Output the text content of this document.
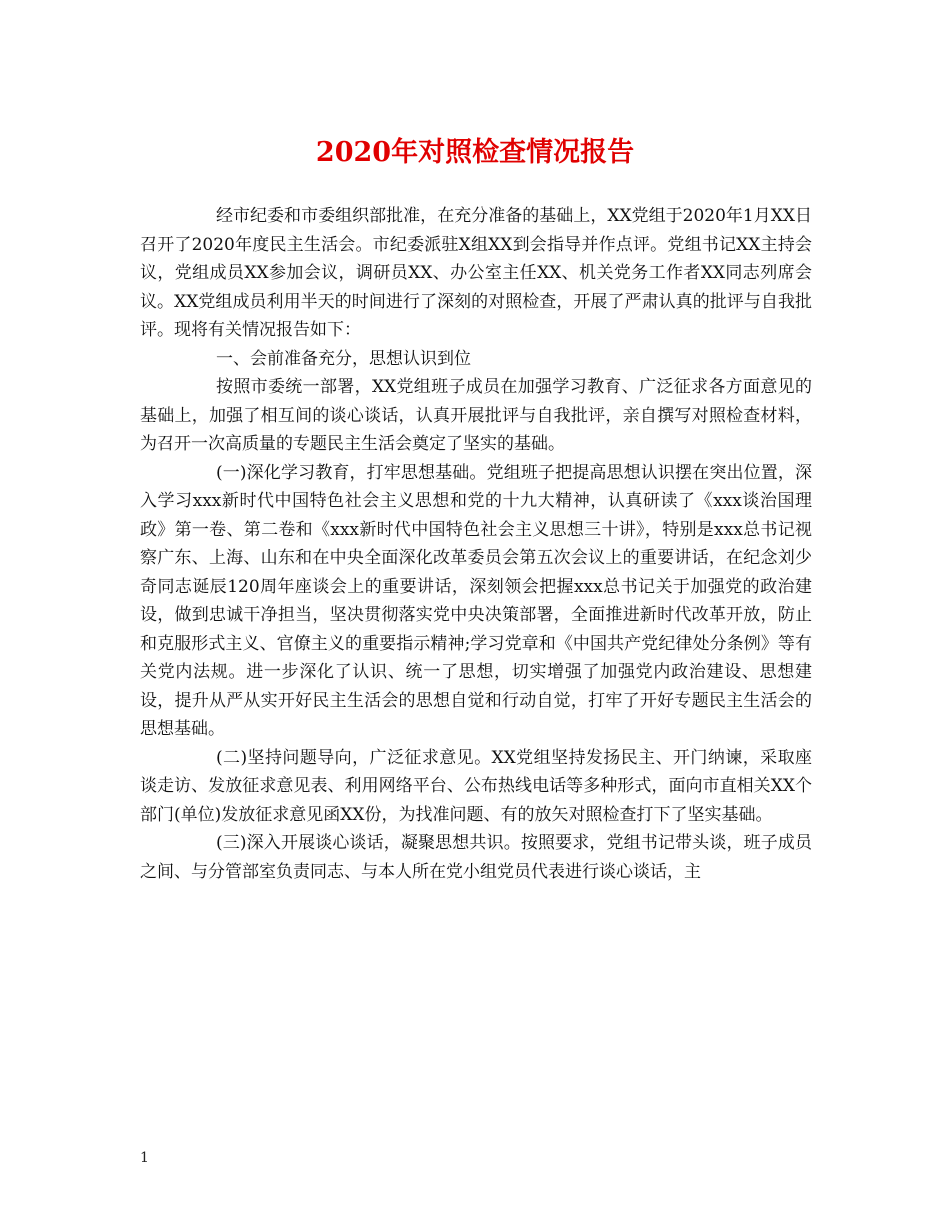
2020年对照检查情况报告

经市纪委和市委组织部批准，在充分准备的基础上，XX党组于2020年1月XX日召开了2020年度民主生活会。市纪委派驻X组XX到会指导并作点评。党组书记XX主持会议，党组成员XX参加会议，调研员XX、办公室主任XX、机关党务工作者XX同志列席会议。XX党组成员利用半天的时间进行了深刻的对照检查，开展了严肃认真的批评与自我批评。现将有关情况报告如下：

一、会前准备充分，思想认识到位

按照市委统一部署，XX党组班子成员在加强学习教育、广泛征求各方面意见的基础上，加强了相互间的谈心谈话，认真开展批评与自我批评，亲自撰写对照检查材料，为召开一次高质量的专题民主生活会奠定了坚实的基础。

(一)深化学习教育，打牢思想基础。党组班子把提高思想认识摆在突出位置，深入学习xxx新时代中国特色社会主义思想和党的十九大精神，认真研读了《xxx谈治国理政》第一卷、第二卷和《xxx新时代中国特色社会主义思想三十讲》，特别是xxx总书记视察广东、上海、山东和在中央全面深化改革委员会第五次会议上的重要讲话，在纪念刘少奇同志诞辰120周年座谈会上的重要讲话，深刻领会把握xxx总书记关于加强党的政治建设，做到忠诚干净担当，坚决贯彻落实党中央决策部署，全面推进新时代改革开放，防止和克服形式主义、官僚主义的重要指示精神;学习党章和《中国共产党纪律处分条例》等有关党内法规。进一步深化了认识、统一了思想，切实增强了加强党内政治建设、思想建设，提升从严从实开好民主生活会的思想自觉和行动自觉，打牢了开好专题民主生活会的思想基础。

(二)坚持问题导向，广泛征求意见。XX党组坚持发扬民主、开门纳谏，采取座谈走访、发放征求意见表、利用网络平台、公布热线电话等多种形式，面向市直相关XX个部门(单位)发放征求意见函XX份，为找准问题、有的放矢对照检查打下了坚实基础。

(三)深入开展谈心谈话，凝聚思想共识。按照要求，党组书记带头谈，班子成员之间、与分管部室负责同志、与本人所在党小组党员代表进行谈心谈话，主

1
